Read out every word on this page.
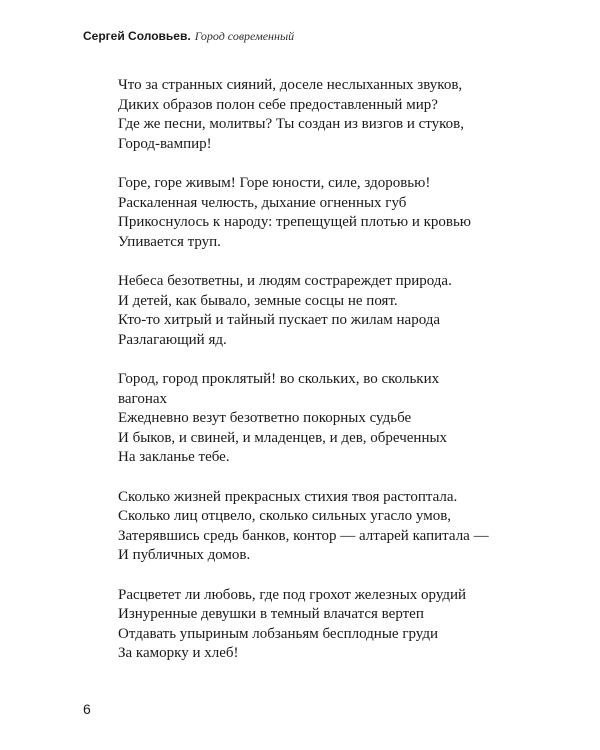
Сергей Соловьев. Город современный
Что за странных сияний, доселе неслыханных звуков,
Диких образов полон себе предоставленный мир?
Где же песни, молитвы? Ты создан из визгов и стуков,
Город-вампир!
Горе, горе живым! Горе юности, силе, здоровью!
Раскаленная челюсть, дыхание огненных губ
Прикоснулось к народу: трепещущей плотью и кровью
Упивается труп.
Небеса безответны, и людям сострареждет природа.
И детей, как бывало, земные сосцы не поят.
Кто-то хитрый и тайный пускает по жилам народа
Разлагающий яд.
Город, город проклятый! во скольких, во скольких
вагонах
Ежедневно везут безответно покорных судьбе
И быков, и свиней, и младенцев, и дев, обреченных
На закланье тебе.
Сколько жизней прекрасных стихия твоя растоптала.
Сколько лиц отцвело, сколько сильных угасло умов,
Затерявшись средь банков, контор — алтарей капитала —
И публичных домов.
Расцветет ли любовь, где под грохот железных орудий
Изнуренные девушки в темный влачатся вертеп
Отдавать упыриным лобзаньям бесплодные груди
За каморку и хлеб!
6
